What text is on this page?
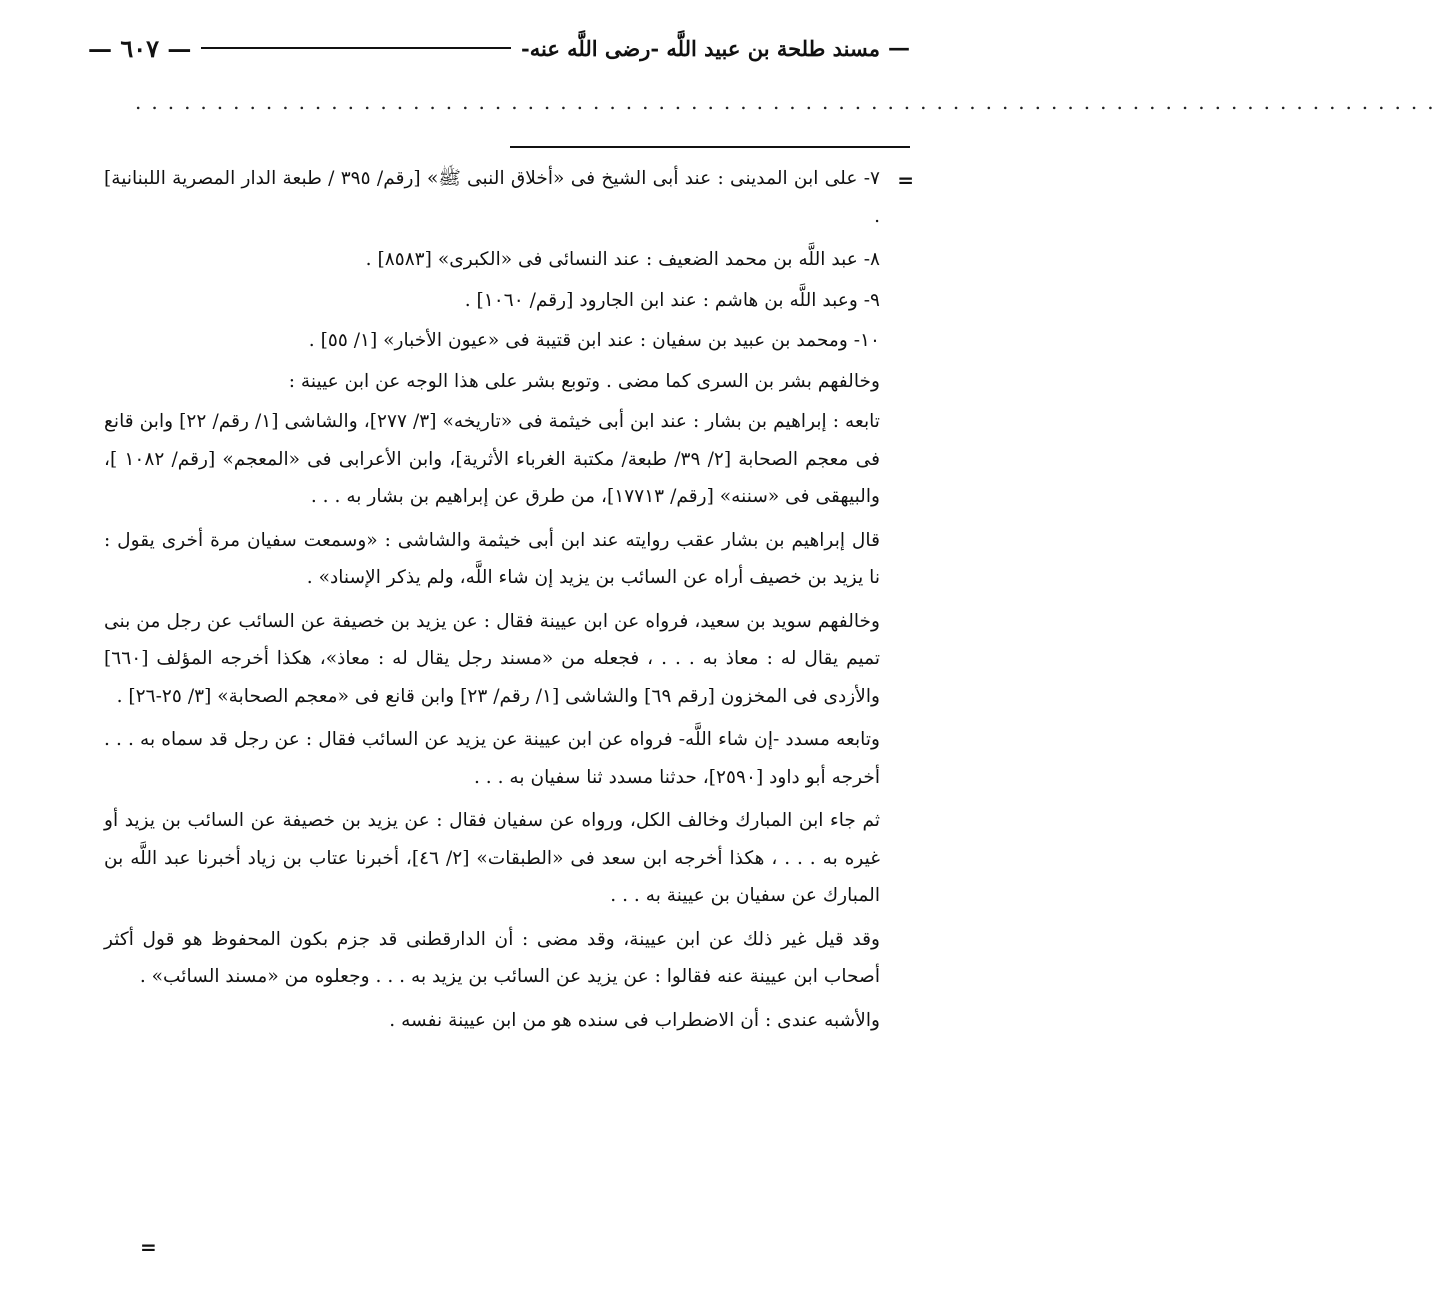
—
مسند طلحة بن عبيد اللَّه -رضى اللَّه عنه-
— ٦٠٧ —
................................................................................
=

٧- على ابن المدينى : عند أبى الشيخ فى «أخلاق النبى ﷺ» [رقم/ ٣٩٥ / طبعة الدار المصرية اللبنانية] .

٨- عبد اللَّه بن محمد الضعيف : عند النسائى فى «الكبرى» [٨٥٨٣] .

٩- وعبد اللَّه بن هاشم : عند ابن الجارود [رقم/ ١٠٦٠] .

١٠- ومحمد بن عبيد بن سفيان : عند ابن قتيبة فى «عيون الأخبار» [١/ ٥٥] .

وخالفهم بشر بن السرى كما مضى . وتوبع بشر على هذا الوجه عن ابن عيينة :

تابعه : إبراهيم بن بشار : عند ابن أبى خيثمة فى «تاريخه» [٣/ ٢٧٧]، والشاشى [١/ رقم/ ٢٢] وابن قانع فى معجم الصحابة [٢/ ٣٩/ طبعة/ مكتبة الغرباء الأثرية]، وابن الأعرابى فى «المعجم» [رقم/ ١٠٨٢ ]، والبيهقى فى «سننه» [رقم/ ١٧٧١٣]، من طرق عن إبراهيم بن بشار به . . .

قال إبراهيم بن بشار عقب روايته عند ابن أبى خيثمة والشاشى : «وسمعت سفيان مرة أخرى يقول : نا يزيد بن خصيف أراه عن السائب بن يزيد إن شاء اللَّه، ولم يذكر الإسناد» .

وخالفهم سويد بن سعيد، فرواه عن ابن عيينة فقال : عن يزيد بن خصيفة عن السائب عن رجل من بنى تميم يقال له : معاذ به . . . ، فجعله من «مسند رجل يقال له : معاذ»، هكذا أخرجه المؤلف [٦٦٠] والأزدى فى المخزون [رقم ٦٩] والشاشى [١/ رقم/ ٢٣] وابن قانع فى «معجم الصحابة» [٣/ ٢٥-٢٦] .

وتابعه مسدد -إن شاء اللَّه- فرواه عن ابن عيينة عن يزيد عن السائب فقال : عن رجل قد سماه به . . . أخرجه أبو داود [٢٥٩٠]، حدثنا مسدد ثنا سفيان به . . .

ثم جاء ابن المبارك وخالف الكل، ورواه عن سفيان فقال : عن يزيد بن خصيفة عن السائب بن يزيد أو غيره به . . . ، هكذا أخرجه ابن سعد فى «الطبقات» [٢/ ٤٦]، أخبرنا عتاب بن زياد أخبرنا عبد اللَّه بن المبارك عن سفيان بن عيينة به . . .

وقد قيل غير ذلك عن ابن عيينة، وقد مضى : أن الدارقطنى قد جزم بكون المحفوظ هو قول أكثر أصحاب ابن عيينة عنه فقالوا : عن يزيد عن السائب بن يزيد به . . . وجعلوه من «مسند السائب» .

والأشبه عندى : أن الاضطراب فى سنده هو من ابن عيينة نفسه .

=
